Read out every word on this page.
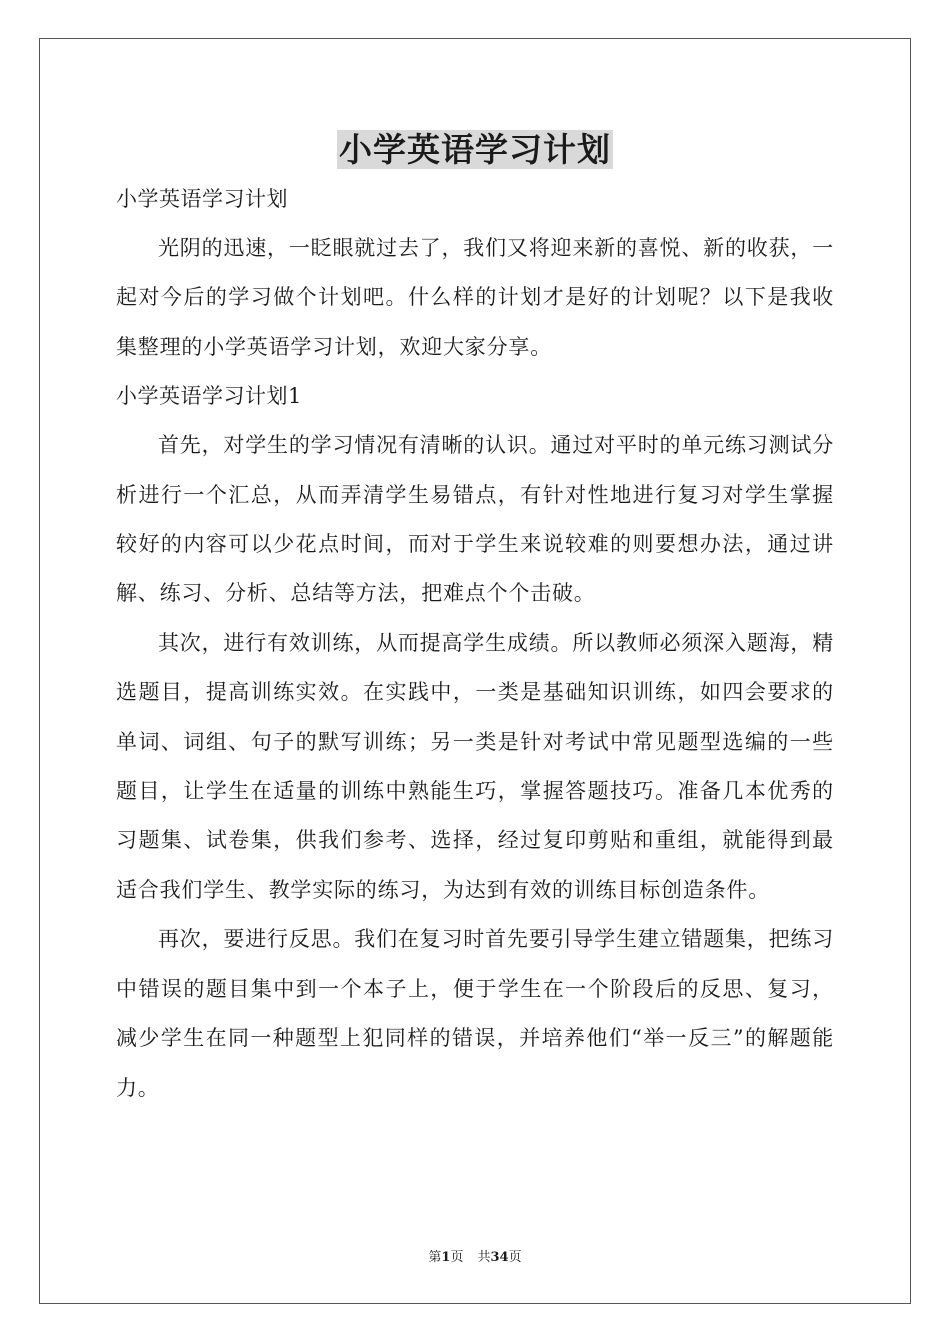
小学英语学习计划

小学英语学习计划

光阴的迅速，一眨眼就过去了，我们又将迎来新的喜悦、新的收获，一起对今后的学习做个计划吧。什么样的计划才是好的计划呢？以下是我收集整理的小学英语学习计划，欢迎大家分享。

小学英语学习计划1

首先，对学生的学习情况有清晰的认识。通过对平时的单元练习测试分析进行一个汇总，从而弄清学生易错点，有针对性地进行复习对学生掌握较好的内容可以少花点时间，而对于学生来说较难的则要想办法，通过讲解、练习、分析、总结等方法，把难点个个击破。

其次，进行有效训练，从而提高学生成绩。所以教师必须深入题海，精选题目，提高训练实效。在实践中，一类是基础知识训练，如四会要求的单词、词组、句子的默写训练；另一类是针对考试中常见题型选编的一些题目，让学生在适量的训练中熟能生巧，掌握答题技巧。准备几本优秀的习题集、试卷集，供我们参考、选择，经过复印剪贴和重组，就能得到最适合我们学生、教学实际的练习，为达到有效的训练目标创造条件。

再次，要进行反思。我们在复习时首先要引导学生建立错题集，把练习中错误的题目集中到一个本子上，便于学生在一个阶段后的反思、复习，减少学生在同一种题型上犯同样的错误，并培养他们“举一反三”的解题能力。

第1页 共34页
